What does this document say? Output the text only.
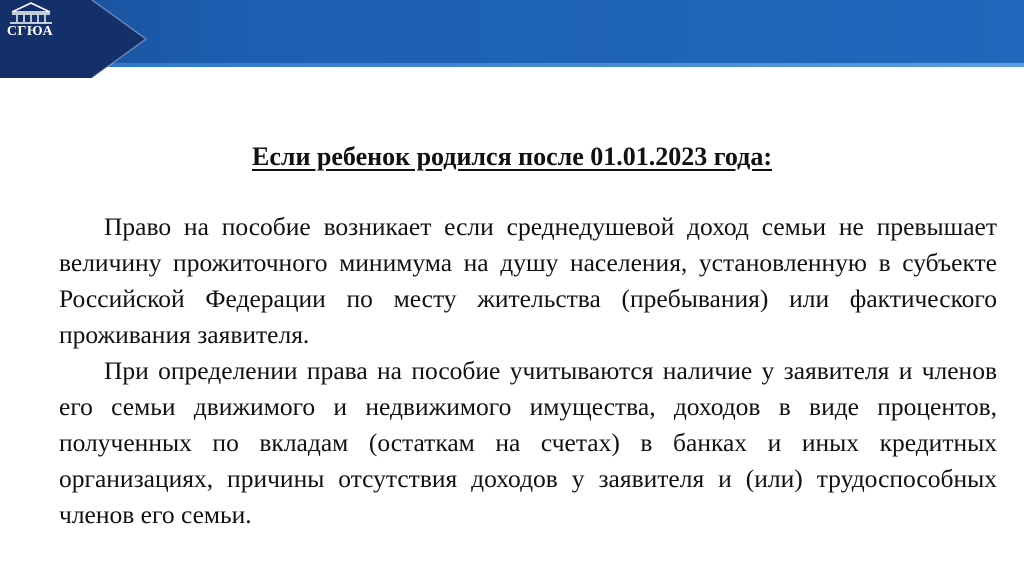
СГЮА
Если ребенок родился после 01.01.2023 года:

Право на пособие возникает если среднедушевой доход семьи не превышает величину прожиточного минимума на душу населения, установленную в субъекте Российской Федерации по месту жительства (пребывания) или фактического проживания заявителя.

При определении права на пособие учитываются наличие у заявителя и членов его семьи движимого и недвижимого имущества, доходов в виде процентов, полученных по вкладам (остаткам на счетах) в банках и иных кредитных организациях, причины отсутствия доходов у заявителя и (или) трудоспособных членов его семьи.
